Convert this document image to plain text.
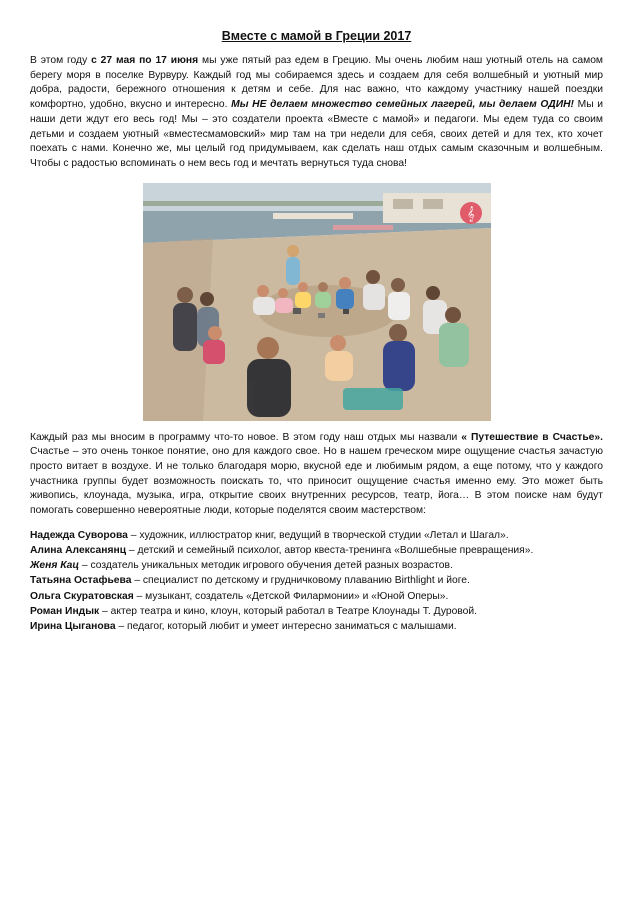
Вместе с мамой в Греции 2017

В этом году с 27 мая по 17 июня мы уже пятый раз едем в Грецию. Мы очень любим наш уютный отель на самом берегу моря в поселке Вурвуру. Каждый год мы собираемся здесь и создаем для себя волшебный и уютный мир добра, радости, бережного отношения к детям и себе. Для нас важно, что каждому участнику нашей поездки комфортно, удобно, вкусно и интересно. Мы НЕ делаем множество семейных лагерей, мы делаем ОДИН! Мы и наши дети ждут его весь год! Мы – это создатели проекта «Вместе с мамой» и педагоги. Мы едем туда со своим детьми и создаем уютный «вместесмамовский» мир там на три недели для себя, своих детей и для тех, кто хочет поехать с нами. Конечно же, мы целый год придумываем, как сделать наш отдых самым сказочным и волшебным. Чтобы с радостью вспоминать о нем весь год и мечтать вернуться туда снова!

𝄞

Каждый раз мы вносим в программу что-то новое. В этом году наш отдых мы назвали « Путешествие в Счастье». Счастье – это очень тонкое понятие, оно для каждого свое. Но в нашем греческом мире ощущение счастья зачастую просто витает в воздухе. И не только благодаря морю, вкусной еде и любимым рядом, а еще потому, что у каждого участника группы будет возможность поискать то, что приносит ощущение счастья именно ему. Это может быть живопись, клоунада, музыка, игра, открытие своих внутренних ресурсов, театр, йога… В этом поиске нам будут помогать совершенно невероятные люди, которые поделятся своим мастерством:

Надежда Суворова – художник, иллюстратор книг, ведущий в творческой студии «Летал и Шагал».

Алина Алексанянц – детский и семейный психолог, автор квеста-тренинга «Волшебные превращения».

Женя Кац – создатель уникальных методик игрового обучения детей разных возрастов.

Татьяна Остафьева – специалист по детскому и грудничковому плаванию Birthlight и йоге.

Ольга Скуратовская – музыкант, создатель «Детской Филармонии» и «Юной Оперы».

Роман Индык – актер театра и кино, клоун, который работал в Театре Клоунады Т. Дуровой.

Ирина Цыганова – педагог, который любит и умеет интересно заниматься с малышами.
